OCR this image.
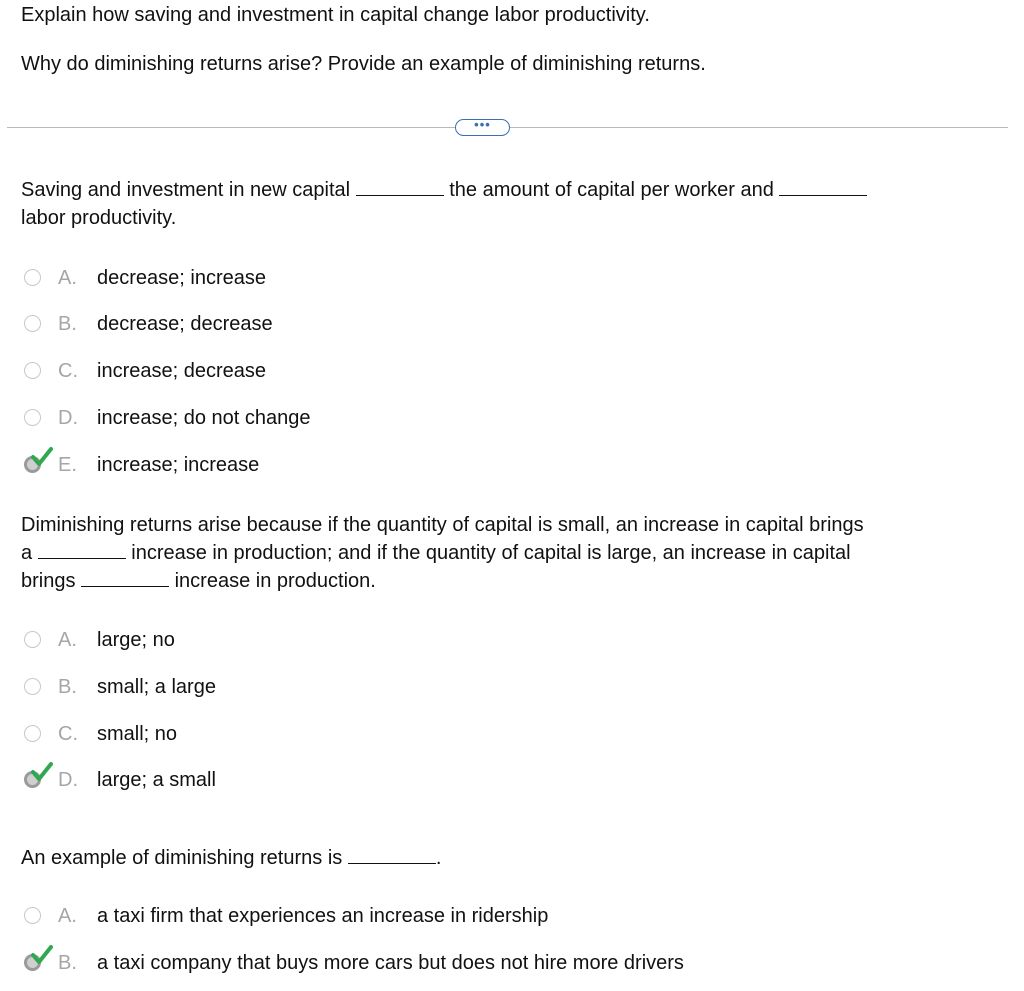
Explain how saving and investment in capital change labor productivity.
Why do diminishing returns arise? Provide an example of diminishing returns.
•••
Saving and investment in new capital	the amount of capital per worker and
labor productivity.
A. decrease; increase
B. decrease; decrease
C. increase; decrease
D. increase; do not change
E. increase; increase
Diminishing returns arise because if the quantity of capital is small, an increase in capital brings
a	increase in production; and if the quantity of capital is large, an increase in capital
brings	increase in production.
A. large; no
B. small; a large
C. small; no
D. large; a small
An example of diminishing returns is	.
A. a taxi firm that experiences an increase in ridership
B. a taxi company that buys more cars but does not hire more drivers
